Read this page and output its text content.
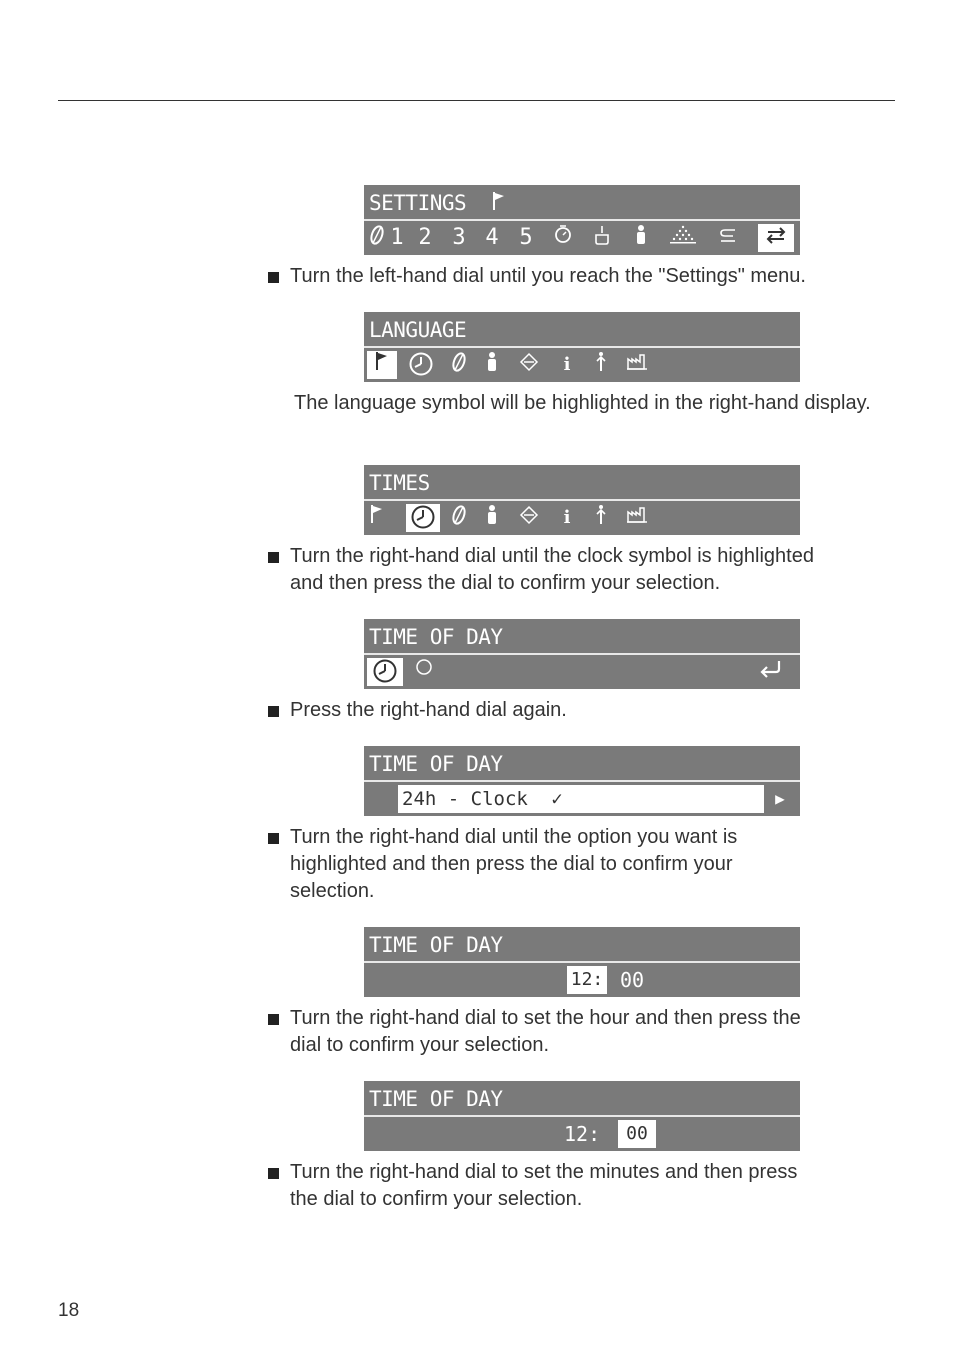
SETTINGS
1 2 3 4 5
Turn the left-hand dial until you reach the "Settings" menu.
LANGUAGE
i
The language symbol will be highlighted in the right-hand display.
TIMES
i
Turn the right-hand dial until the clock symbol is highlighted
and then press the dial to confirm your selection.
TIME OF DAY
Press the right-hand dial again.
TIME OF DAY
24h - Clock ✓	▶
Turn the right-hand dial until the option you want is
highlighted and then press the dial to confirm your
selection.
TIME OF DAY
12: 00
Turn the right-hand dial to set the hour and then press the
dial to confirm your selection.
TIME OF DAY
12:	00
Turn the right-hand dial to set the minutes and then press
the dial to confirm your selection.
18
